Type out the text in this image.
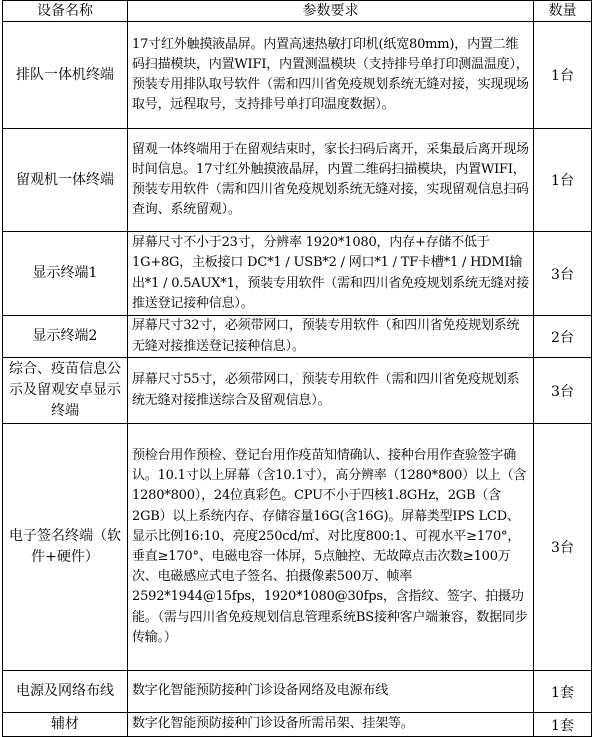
设备名称	参数要求	数量
排队一体机终端	17寸红外触摸液晶屏。内置高速热敏打印机(纸宽80mm)，内置二维码扫描模块，内置WIFI，内置测温模块（支持排号单打印测温温度），预装专用排队取号软件（需和四川省免疫规划系统无缝对接，实现现场取号，远程取号，支持排号单打印温度数据）。	1台
留观机一体终端	留观一体终端用于在留观结束时，家长扫码后离开，采集最后离开现场时间信息。17寸红外触摸液晶屏，内置二维码扫描模块，内置WIFI，预装专用软件（需和四川省免疫规划系统无缝对接，实现留观信息扫码查询、系统留观）。	1台
显示终端1	屏幕尺寸不小于23寸，分辨率 1920*1080，内存+存储不低于1G+8G，主板接口 DC*1 / USB*2 / 网口*1 / TF卡槽*1 / HDMI输出*1 / 0.5AUX*1，预装专用软件（需和四川省免疫规划系统无缝对接推送登记接种信息）。	3台
显示终端2	屏幕尺寸32寸，必须带网口，预装专用软件（和四川省免疫规划系统无缝对接推送登记接种信息）。	2台
综合、疫苗信息公示及留观安卓显示终端	屏幕尺寸55寸，必须带网口，预装专用软件（需和四川省免疫规划系统无缝对接推送综合及留观信息）。	3台
电子签名终端（软件+硬件）	预检台用作预检、登记台用作疫苗知情确认、接种台用作查验签字确认。10.1寸以上屏幕（含10.1寸），高分辨率（1280*800）以上（含1280*800），24位真彩色。CPU不小于四核1.8GHz，2GB（含2GB）以上系统内存、存储容量16G(含16G)。屏幕类型IPS LCD、显示比例16:10、亮度250cd/㎡、对比度800:1、可视水平≥170°，垂直≥170°、电磁电容一体屏，5点触控、无故障点击次数≥100万次、电磁感应式电子签名、拍摄像素500万、帧率2592*1944@15fps，1920*1080@30fps，含指纹、签字、拍摄功能。（需与四川省免疫规划信息管理系统BS接种客户端兼容，数据同步传输。）	3台
电源及网络布线	数字化智能预防接种门诊设备网络及电源布线	1套
辅材	数字化智能预防接种门诊设备所需吊架、挂架等。	1套
